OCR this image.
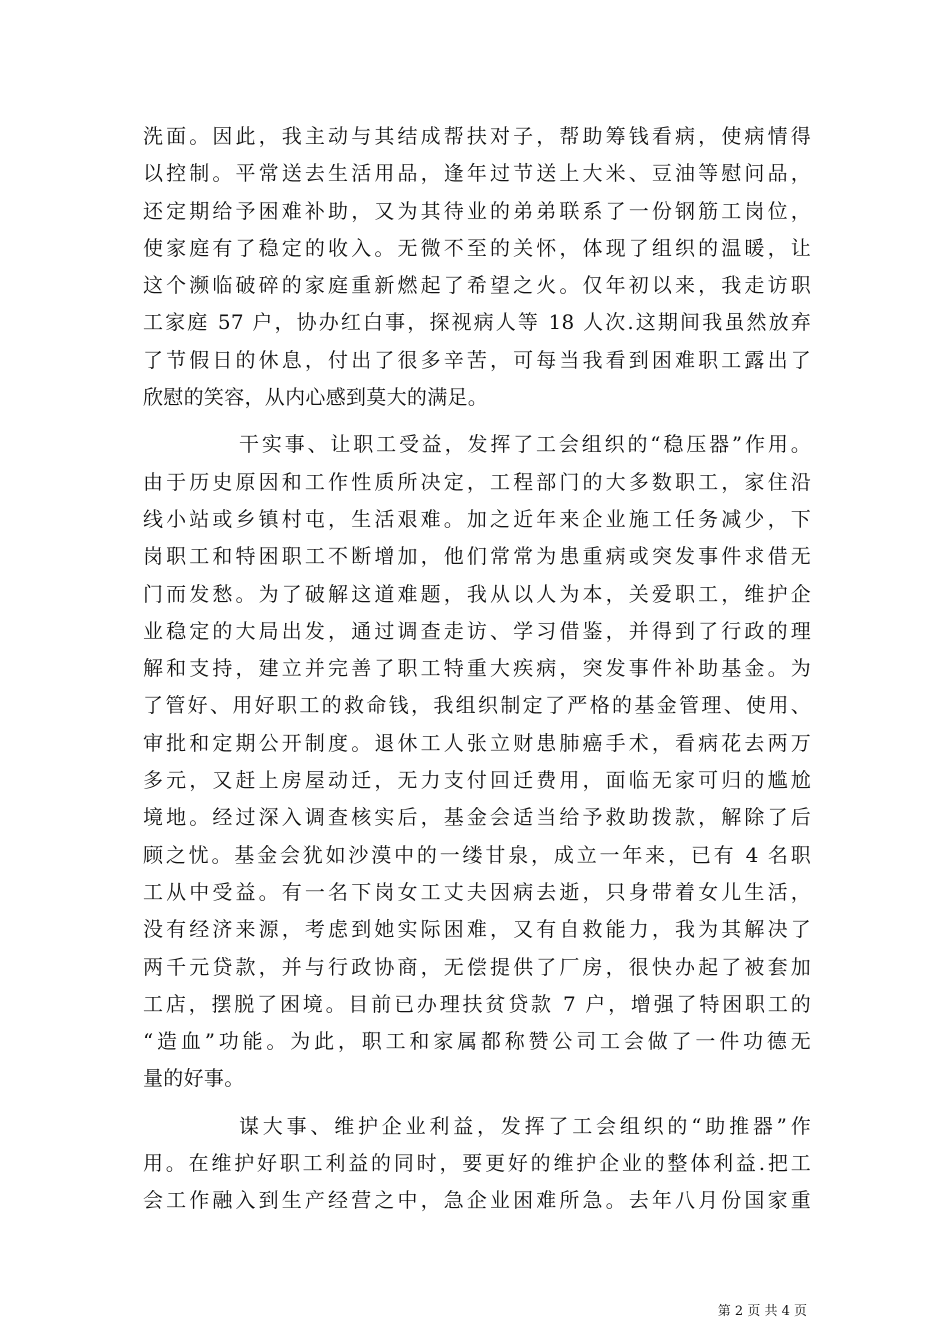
洗面。因此，我主动与其结成帮扶对子，帮助筹钱看病，使病情得
以控制。平常送去生活用品，逢年过节送上大米、豆油等慰问品，
还定期给予困难补助，又为其待业的弟弟联系了一份钢筋工岗位，
使家庭有了稳定的收入。无微不至的关怀，体现了组织的温暖，让
这个濒临破碎的家庭重新燃起了希望之火。仅年初以来，我走访职
工家庭 57 户，协办红白事，探视病人等 18 人次.这期间我虽然放弃
了节假日的休息，付出了很多辛苦，可每当我看到困难职工露出了
欣慰的笑容，从内心感到莫大的满足。
干实事、让职工受益，发挥了工会组织的“稳压器”作用。
由于历史原因和工作性质所决定，工程部门的大多数职工，家住沿
线小站或乡镇村屯，生活艰难。加之近年来企业施工任务减少，下
岗职工和特困职工不断增加，他们常常为患重病或突发事件求借无
门而发愁。为了破解这道难题，我从以人为本，关爱职工，维护企
业稳定的大局出发，通过调查走访、学习借鉴，并得到了行政的理
解和支持，建立并完善了职工特重大疾病，突发事件补助基金。为
了管好、用好职工的救命钱，我组织制定了严格的基金管理、使用、
审批和定期公开制度。退休工人张立财患肺癌手术，看病花去两万
多元，又赶上房屋动迁，无力支付回迁费用，面临无家可归的尴尬
境地。经过深入调查核实后，基金会适当给予救助拨款，解除了后
顾之忧。基金会犹如沙漠中的一缕甘泉，成立一年来，已有 4 名职
工从中受益。有一名下岗女工丈夫因病去逝，只身带着女儿生活，
没有经济来源，考虑到她实际困难，又有自救能力，我为其解决了
两千元贷款，并与行政协商，无偿提供了厂房，很快办起了被套加
工店，摆脱了困境。目前已办理扶贫贷款 7 户，增强了特困职工的
“造血”功能。为此，职工和家属都称赞公司工会做了一件功德无
量的好事。
谋大事、维护企业利益，发挥了工会组织的“助推器”作
用。在维护好职工利益的同时，要更好的维护企业的整体利益.把工
会工作融入到生产经营之中，急企业困难所急。去年八月份国家重
第 2 页 共 4 页
